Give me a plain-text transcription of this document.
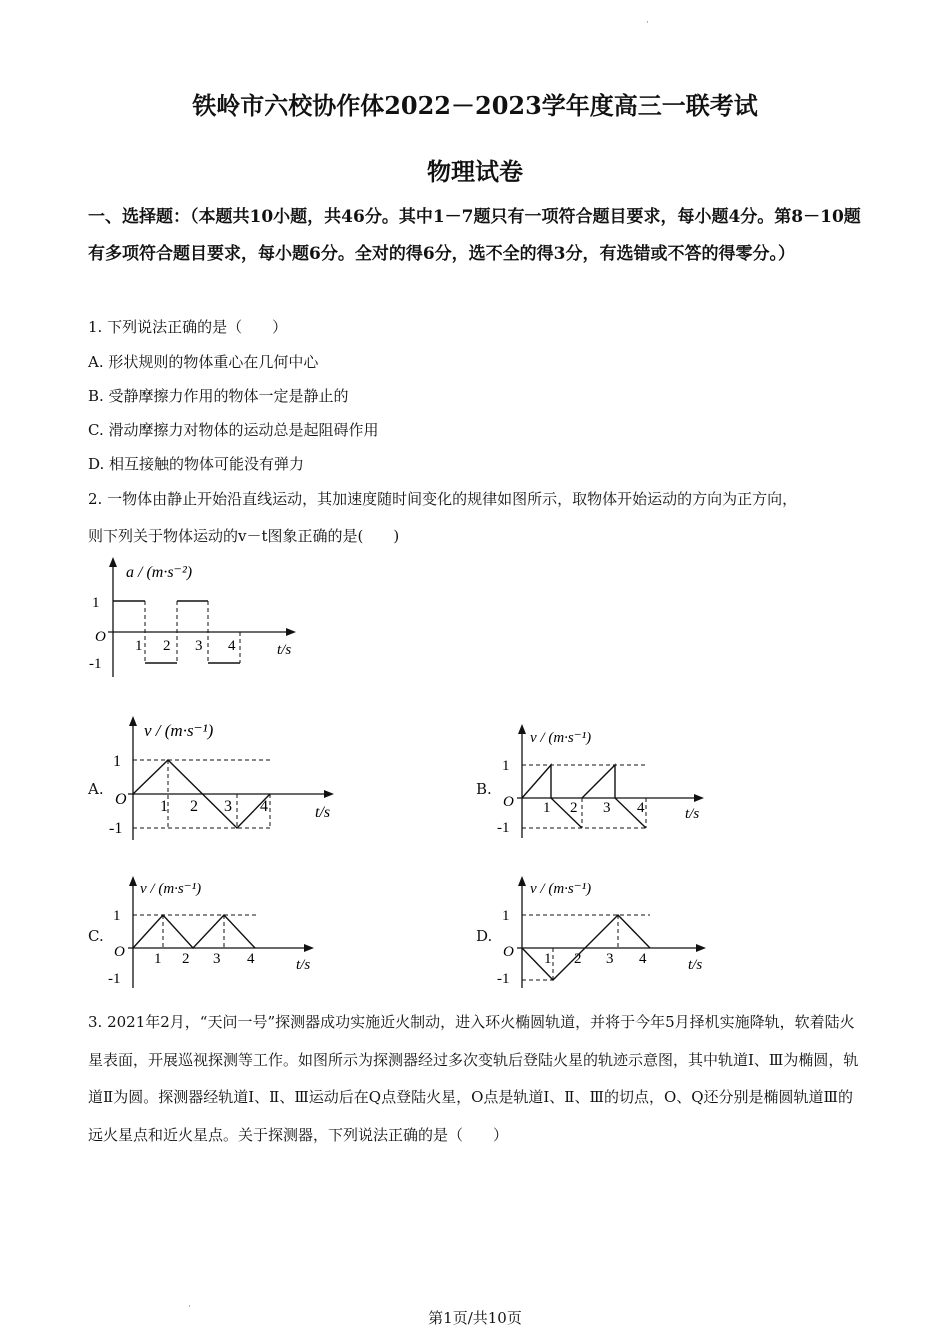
·
铁岭市六校协作体2022－2023学年度高三一联考试
物理试卷
一、选择题：（本题共10小题，共46分。其中1－7题只有一项符合题目要求，每小题4分。第8－10题有多项符合题目要求，每小题6分。全对的得6分，选不全的得3分，有选错或不答的得零分。）
1. 下列说法正确的是（　　）
A. 形状规则的物体重心在几何中心
B. 受静摩擦力作用的物体一定是静止的
C. 滑动摩擦力对物体的运动总是起阻碍作用
D. 相互接触的物体可能没有弹力
2. 一物体由静止开始沿直线运动，其加速度随时间变化的规律如图所示，取物体开始运动的方向为正方向，
则下列关于物体运动的v－t图象正确的是(　　)
a / (m·s⁻²)
1
O
-1
1 2 3 4	t/s
A.
v / (m·s⁻¹)
1
O
-1
1 2 3 4	t/s
B.
v / (m·s⁻¹)
1
O
-1
1 2 3 4	t/s
C.
v / (m·s⁻¹)
1
O
-1
1 2 3 4	t/s
D.
v / (m·s⁻¹)
1
O
-1
1 2 3 4	t/s
3. 2021年2月，“天问一号”探测器成功实施近火制动，进入环火椭圆轨道，并将于今年5月择机实施降轨，软着陆火星表面，开展巡视探测等工作。如图所示为探测器经过多次变轨后登陆火星的轨迹示意图，其中轨道Ⅰ、Ⅲ为椭圆，轨道Ⅱ为圆。探测器经轨道Ⅰ、Ⅱ、Ⅲ运动后在Q点登陆火星，O点是轨道Ⅰ、Ⅱ、Ⅲ的切点，O、Q还分别是椭圆轨道Ⅲ的远火星点和近火星点。关于探测器，下列说法正确的是（　　）
·
第1页/共10页
